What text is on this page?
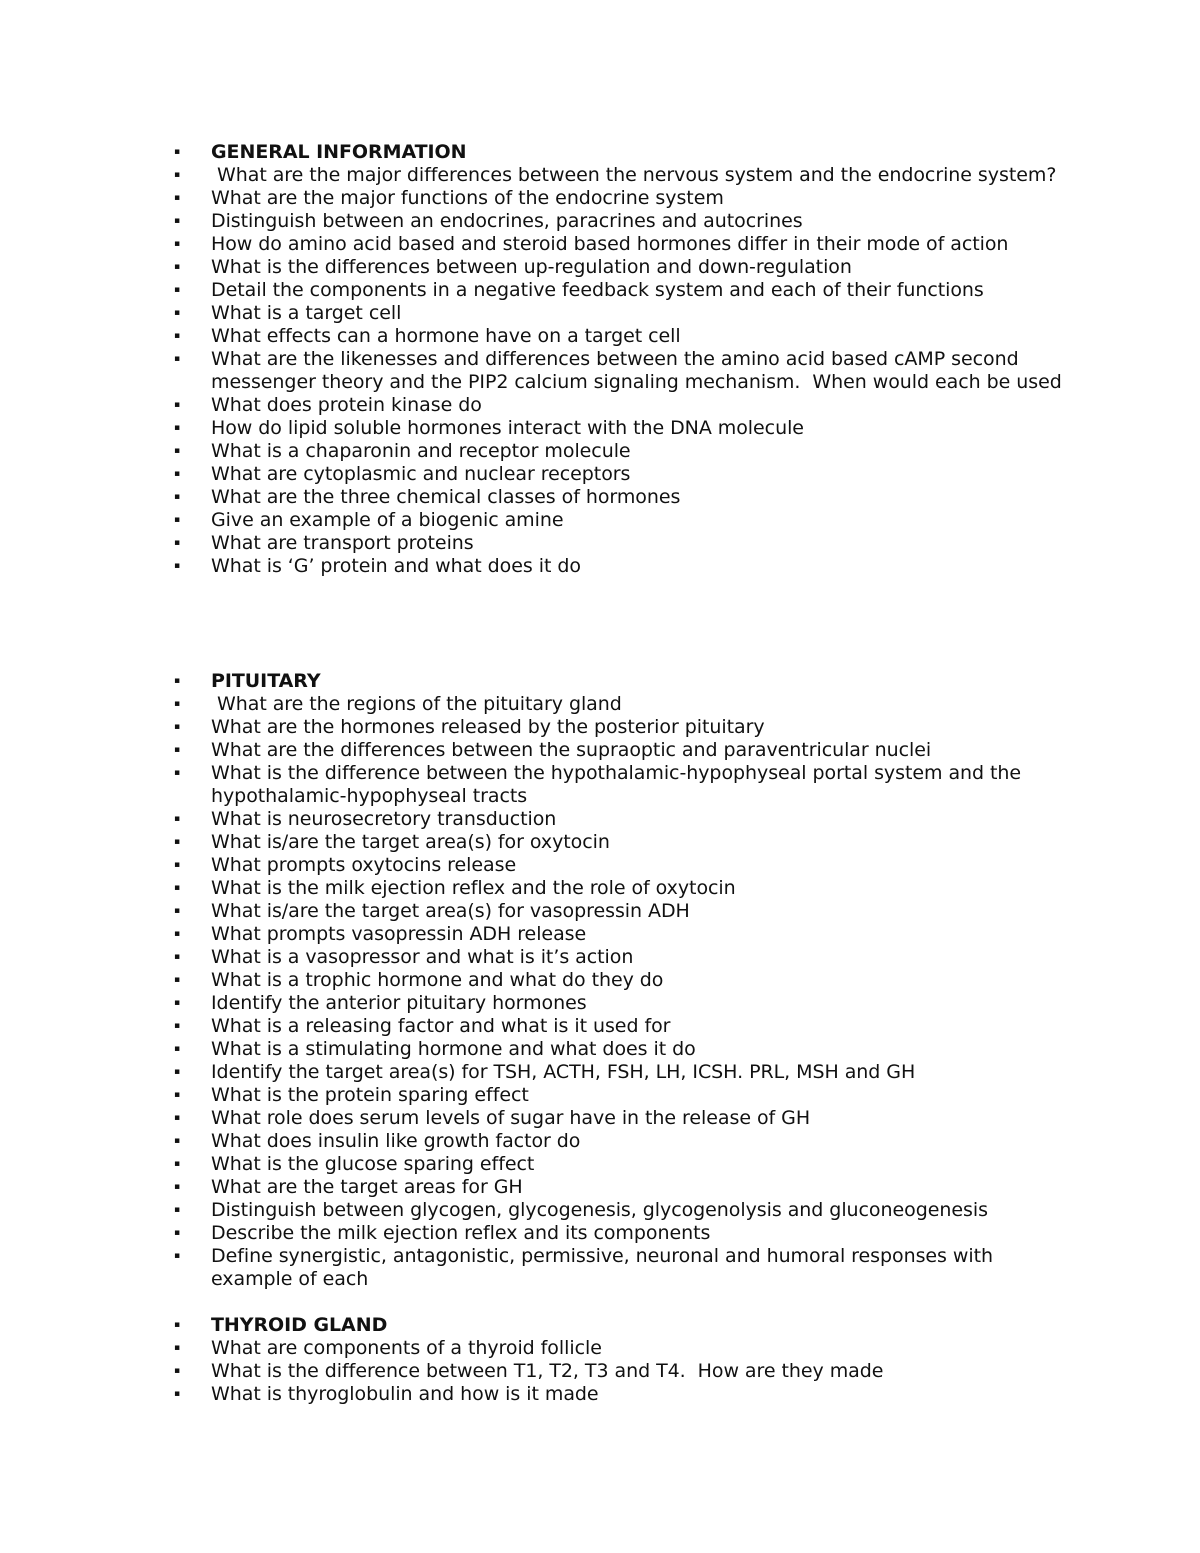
▪ GENERAL INFORMATION
▪  What are the major differences between the nervous system and the endocrine system?
▪ What are the major functions of the endocrine system
▪ Distinguish between an endocrines, paracrines and autocrines
▪ How do amino acid based and steroid based hormones differ in their mode of action
▪ What is the differences between up-regulation and down-regulation
▪ Detail the components in a negative feedback system and each of their functions
▪ What is a target cell
▪ What effects can a hormone have on a target cell
▪ What are the likenesses and differences between the amino acid based cAMP second messenger theory and the PIP2 calcium signaling mechanism.  When would each be used
▪ What does protein kinase do
▪ How do lipid soluble hormones interact with the DNA molecule
▪ What is a chaparonin and receptor molecule
▪ What are cytoplasmic and nuclear receptors
▪ What are the three chemical classes of hormones
▪ Give an example of a biogenic amine
▪ What are transport proteins
▪ What is ‘G’ protein and what does it do
▪ PITUITARY
▪  What are the regions of the pituitary gland
▪ What are the hormones released by the posterior pituitary
▪ What are the differences between the supraoptic and paraventricular nuclei
▪ What is the difference between the hypothalamic-hypophyseal portal system and the hypothalamic-hypophyseal tracts
▪ What is neurosecretory transduction
▪ What is/are the target area(s) for oxytocin
▪ What prompts oxytocins release
▪ What is the milk ejection reflex and the role of oxytocin
▪ What is/are the target area(s) for vasopressin ADH
▪ What prompts vasopressin ADH release
▪ What is a vasopressor and what is it’s action
▪ What is a trophic hormone and what do they do
▪ Identify the anterior pituitary hormones
▪ What is a releasing factor and what is it used for
▪ What is a stimulating hormone and what does it do
▪ Identify the target area(s) for TSH, ACTH, FSH, LH, ICSH. PRL, MSH and GH
▪ What is the protein sparing effect
▪ What role does serum levels of sugar have in the release of GH
▪ What does insulin like growth factor do
▪ What is the glucose sparing effect
▪ What are the target areas for GH
▪ Distinguish between glycogen, glycogenesis, glycogenolysis and gluconeogenesis
▪ Describe the milk ejection reflex and its components
▪ Define synergistic, antagonistic, permissive, neuronal and humoral responses with example of each
▪ THYROID GLAND
▪ What are components of a thyroid follicle
▪ What is the difference between T1, T2, T3 and T4.  How are they made
▪ What is thyroglobulin and how is it made
